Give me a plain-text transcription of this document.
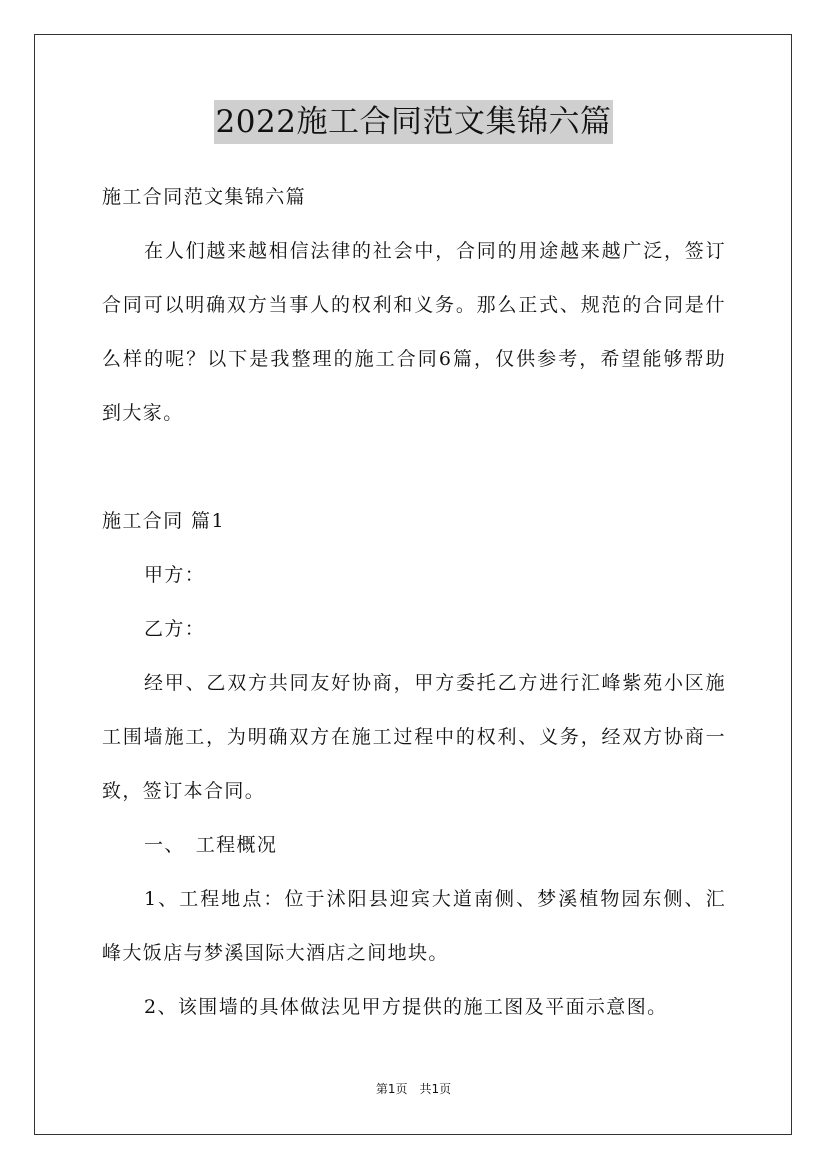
2022施工合同范文集锦六篇

施工合同范文集锦六篇

在人们越来越相信法律的社会中，合同的用途越来越广泛，签订合同可以明确双方当事人的权利和义务。那么正式、规范的合同是什么样的呢？以下是我整理的施工合同6篇，仅供参考，希望能够帮助到大家。

施工合同 篇1

甲方：

乙方：

经甲、乙双方共同友好协商，甲方委托乙方进行汇峰紫苑小区施工围墙施工，为明确双方在施工过程中的权利、义务，经双方协商一致，签订本合同。

一、　工程概况

1、工程地点：位于沭阳县迎宾大道南侧、梦溪植物园东侧、汇峰大饭店与梦溪国际大酒店之间地块。

2、该围墙的具体做法见甲方提供的施工图及平面示意图。

第1页　共1页
